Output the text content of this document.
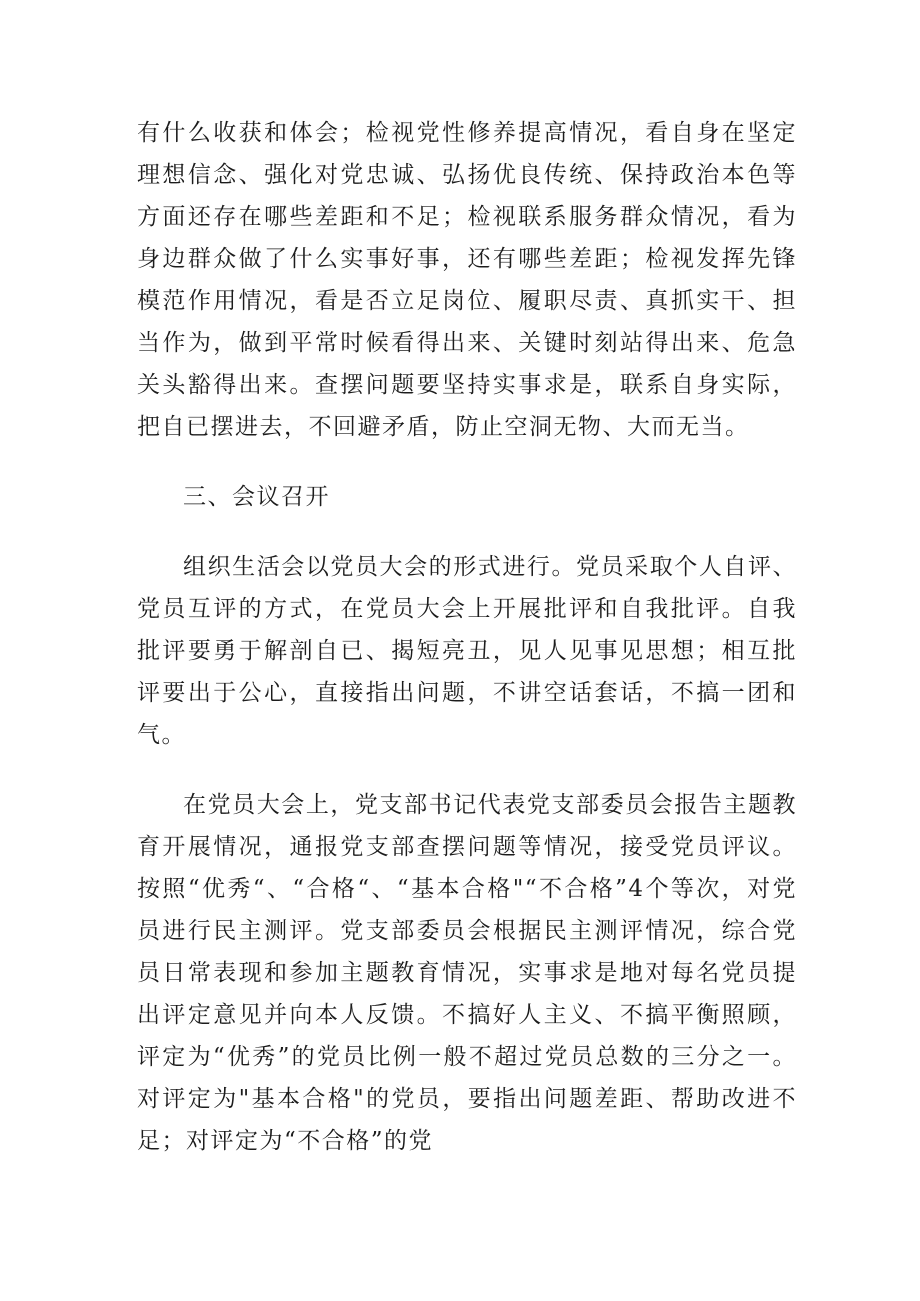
有什么收获和体会；检视党性修养提高情况，看自身在坚定理想信念、强化对党忠诚、弘扬优良传统、保持政治本色等方面还存在哪些差距和不足；检视联系服务群众情况，看为身边群众做了什么实事好事，还有哪些差距；检视发挥先锋模范作用情况，看是否立足岗位、履职尽责、真抓实干、担当作为，做到平常时候看得出来、关键时刻站得出来、危急关头豁得出来。查摆问题要坚持实事求是，联系自身实际，把自已摆进去，不回避矛盾，防止空洞无物、大而无当。

三、会议召开

组织生活会以党员大会的形式进行。党员采取个人自评、党员互评的方式，在党员大会上开展批评和自我批评。自我批评要勇于解剖自已、揭短亮丑，见人见事见思想；相互批评要出于公心，直接指出问题，不讲空话套话，不搞一团和气。

在党员大会上，党支部书记代表党支部委员会报告主题教育开展情况，通报党支部查摆问题等情况，接受党员评议。按照“优秀“、“合格“、“基本合格"“不合格”4个等次，对党员进行民主测评。党支部委员会根据民主测评情况，综合党员日常表现和参加主题教育情况，实事求是地对每名党员提出评定意见并向本人反馈。不搞好人主义、不搞平衡照顾，评定为“优秀”的党员比例一般不超过党员总数的三分之一。对评定为"基本合格"的党员，要指出问题差距、帮助改进不足；对评定为“不合格”的党
